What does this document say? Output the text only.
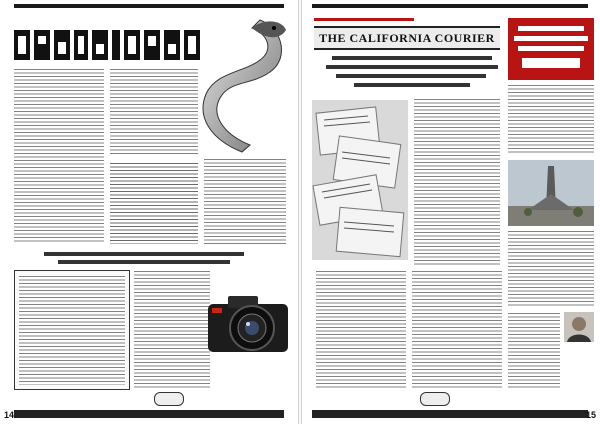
14
THE CALIFORNIA COURIER
15
